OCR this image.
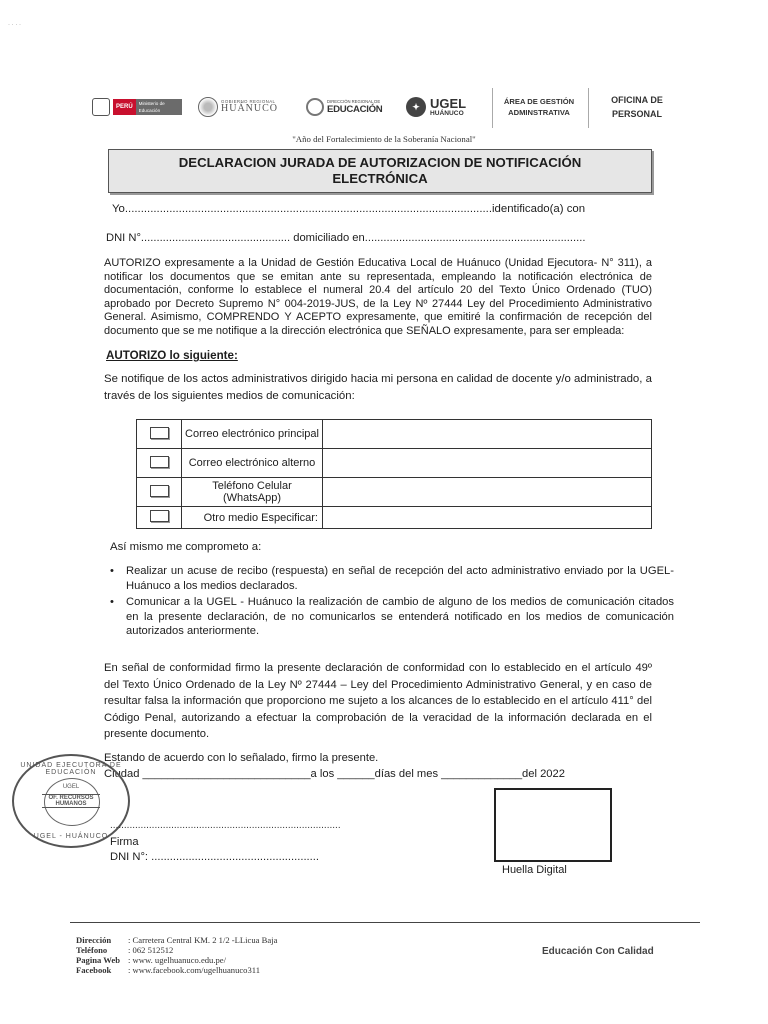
· · · ·
PERÚ
Ministerio de Educación
GOBIERNO REGIONAL
HUÁNUCO
DIRECCIÓN REGIONAL DE
EDUCACIÓN	✦ UGEL
HUÁNUCO
ÁREA DE GESTIÓN ADMINSTRATIVA
OFICINA DE PERSONAL
"Año del Fortalecimiento de la Soberanía Nacional"
DECLARACION JURADA DE AUTORIZACION DE NOTIFICACIÓN
ELECTRÓNICA
Yo....................................................................................................................identificado(a) con
DNI N°................................................ domiciliado en.......................................................................
AUTORIZO expresamente a la Unidad de Gestión Educativa Local de Huánuco (Unidad Ejecutora- N° 311), a notificar los documentos que se emitan ante su representada, empleando la notificación electrónica de documentación, conforme lo establece el numeral 20.4 del artículo 20 del Texto Único Ordenado (TUO) aprobado por Decreto Supremo N° 004-2019-JUS, de la Ley Nº 27444 Ley del Procedimiento Administrativo General. Asimismo, COMPRENDO Y ACEPTO expresamente, que emitiré la confirmación de recepción del documento que se me notifique a la dirección electrónica que SEÑALO expresamente, para ser empleada:
AUTORIZO lo siguiente:
Se notifique de los actos administrativos dirigido hacia mi persona en calidad de docente y/o administrado, a través de los siguientes medios de comunicación:
	Correo electrónico principal	
	Correo electrónico alterno	
	Teléfono Celular (WhatsApp)	
	Otro medio Especificar:	
Así mismo me comprometo a:
• Realizar un acuse de recibo (respuesta) en señal de recepción del acto administrativo enviado por la UGEL- Huánuco a los medios declarados.
• Comunicar a la UGEL - Huánuco la realización de cambio de alguno de los medios de comunicación citados en la presente declaración, de no comunicarlos se entenderá notificado en los medios de comunicación autorizados anteriormente.
En señal de conformidad firmo la presente declaración de conformidad con lo establecido en el artículo 49º del Texto Único Ordenado de la Ley Nº 27444 – Ley del Procedimiento Administrativo General, y en caso de resultar falsa la información que proporciono me sujeto a los alcances de lo establecido en el artículo 411° del Código Penal, autorizando a efectuar la comprobación de la veracidad de la información declarada en el presente documento.
Estando de acuerdo con lo señalado, firmo la presente.
Ciudad ___________________________a los ______días del mes _____________del 2022
UNIDAD EJECUTORA DE EDUCACIÓN
UGEL
OF. RECURSOS HUMANOS
UGEL - HUÁNUCO
Huella Digital
...................................................................................
Firma
DNI N°: ......................................................
Dirección : Carretera Central KM. 2 1/2 -LLicua Baja
Teléfono : 062 512512
Pagina Web : www. ugelhuanuco.edu.pe/
Facebook : www.facebook.com/ugelhuanuco311
Educación Con Calidad
